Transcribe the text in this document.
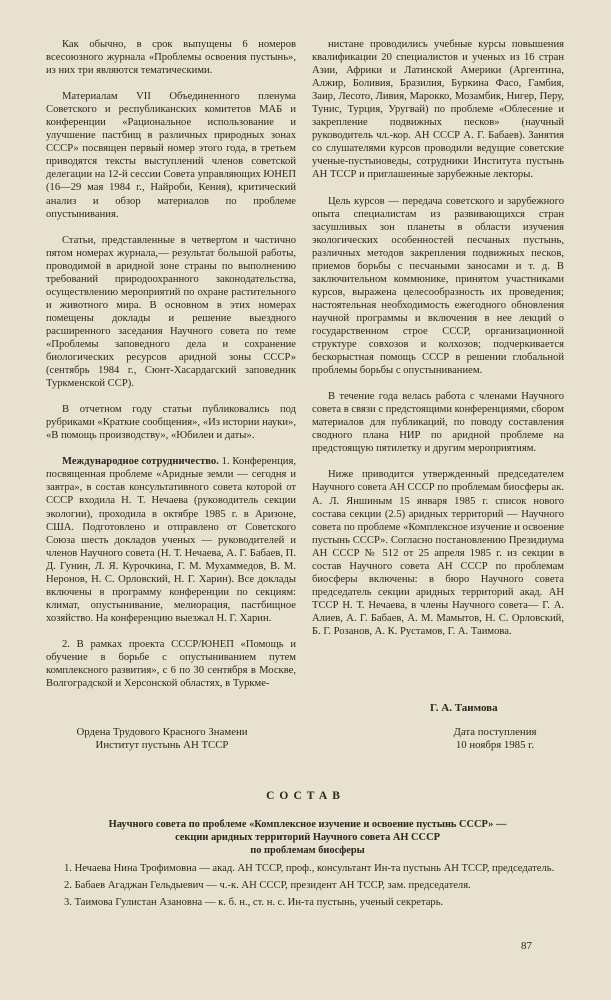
Как обычно, в срок выпущены 6 номеров всесоюзного журнала «Проблемы освоения пустынь», из них три являются тематическими.

Материалам VII Объединенного пленума Советского и республиканских комитетов МАБ и конференции «Рациональное использование и улучшение пастбищ в различных природных зонах СССР» посвящен первый номер этого года, в третьем приводятся тексты выступлений членов советской делегации на 12-й сессии Совета управляющих ЮНЕП (16—29 мая 1984 г., Найроби, Кения), критический анализ и обзор материалов по проблеме опустынивания.

Статьи, представленные в четвертом и частично пятом номерах журнала,— результат большой работы, проводимой в аридной зоне страны по выполнению требований природоохранного законодательства, осуществлению мероприятий по охране растительного и животного мира. В основном в этих номерах помещены доклады и решение выездного расширенного заседания Научного совета по теме «Проблемы заповедного дела и сохранение биологических ресурсов аридной зоны СССР» (сентябрь 1984 г., Сюнт-Хасардагский заповедник Туркменской ССР).

В отчетном году статьи публиковались под рубриками «Краткие сообщения», «Из истории науки», «В помощь производству», «Юбилеи и даты».

Международное сотрудничество. 1. Конференция, посвященная проблеме «Аридные земли — сегодня и завтра», в состав консультативного совета которой от СССР входила Н. Т. Нечаева (руководитель секции экологии), проходила в октябре 1985 г. в Аризоне, США. Подготовлено и отправлено от Советского Союза шесть докладов ученых — руководителей и членов Научного совета (Н. Т. Нечаева, А. Г. Бабаев, П. Д. Гунин, Л. Я. Курочкина, Г. М. Мухаммедов, В. М. Неронов, Н. С. Орловский, Н. Г. Харин). Все доклады включены в программу конференции по секциям: климат, опустынивание, мелиорация, пастбищное хозяйство. На конференцию выезжал Н. Г. Харин.

2. В рамках проекта СССР/ЮНЕП «Помощь и обучение в борьбе с опустыниванием путем комплексного развития», с 6 по 30 сентября в Москве, Волгоградской и Херсонской областях, в Туркме-

нистане проводились учебные курсы повышения квалификации 20 специалистов и ученых из 16 стран Азии, Африки и Латинской Америки (Аргентина, Алжир, Боливия, Бразилия, Буркина Фасо, Гамбия, Заир, Лесото, Ливия, Марокко, Мозамбик, Нигер, Перу, Тунис, Турция, Уругвай) по проблеме «Облесение и закрепление подвижных песков» (научный руководитель чл.-кор. АН СССР А. Г. Бабаев). Занятия со слушателями курсов проводили ведущие советские ученые-пустыноведы, сотрудники Института пустынь АН ТССР и приглашенные зарубежные лекторы.

Цель курсов — передача советского и зарубежного опыта специалистам из развивающихся стран засушливых зон планеты в области изучения экологических особенностей песчаных пустынь, различных методов закрепления подвижных песков, приемов борьбы с песчаными заносами и т. д. В заключительном коммюнике, принятом участниками курсов, выражена целесообразность их проведения; настоятельная необходимость ежегодного обновления научной программы и включения в нее лекций о государственном строе СССР, организационной структуре совхозов и колхозов; подчеркивается бескорыстная помощь СССР в решении глобальной проблемы борьбы с опустыниванием.

В течение года велась работа с членами Научного совета в связи с предстоящими конференциями, сбором материалов для публикаций, по поводу составления сводного плана НИР по аридной проблеме на предстоящую пятилетку и другим мероприятиям.

Ниже приводится утвержденный председателем Научного совета АН СССР по проблемам биосферы ак. А. Л. Яншиным 15 января 1985 г. список нового состава секции (2.5) аридных территорий — Научного совета по проблеме «Комплексное изучение и освоение пустынь СССР». Согласно постановлению Президиума АН СССР № 512 от 25 апреля 1985 г. из секции в состав Научного совета АН СССР по проблемам биосферы включены: в бюро Научного совета председатель секции аридных территорий акад. АН ТССР Н. Т. Нечаева, в члены Научного совета— Г. А. Алиев, А. Г. Бабаев, А. М. Мамытов, Н. С. Орловский, Б. Г. Розанов, А. К. Рустамов, Г. А. Таимова.

Г. А. Таимова
Ордена Трудового Красного Знамени
Институт пустынь АН ТССР
Дата поступления
10 ноября 1985 г.
СОСТАВ
Научного совета по проблеме «Комплексное изучение и освоение пустынь СССР» —
секции аридных территорий Научного совета АН СССР
по проблемам биосферы

1. Нечаева Нина Трофимовна — акад. АН ТССР, проф., консультант Ин-та пустынь АН ТССР, председатель.

2. Бабаев Агаджан Гельдыевич — ч.-к. АН СССР, президент АН ТССР, зам. председателя.

3. Таимова Гулистан Азановна — к. б. н., ст. н. с. Ин-та пустынь, ученый секретарь.

87
